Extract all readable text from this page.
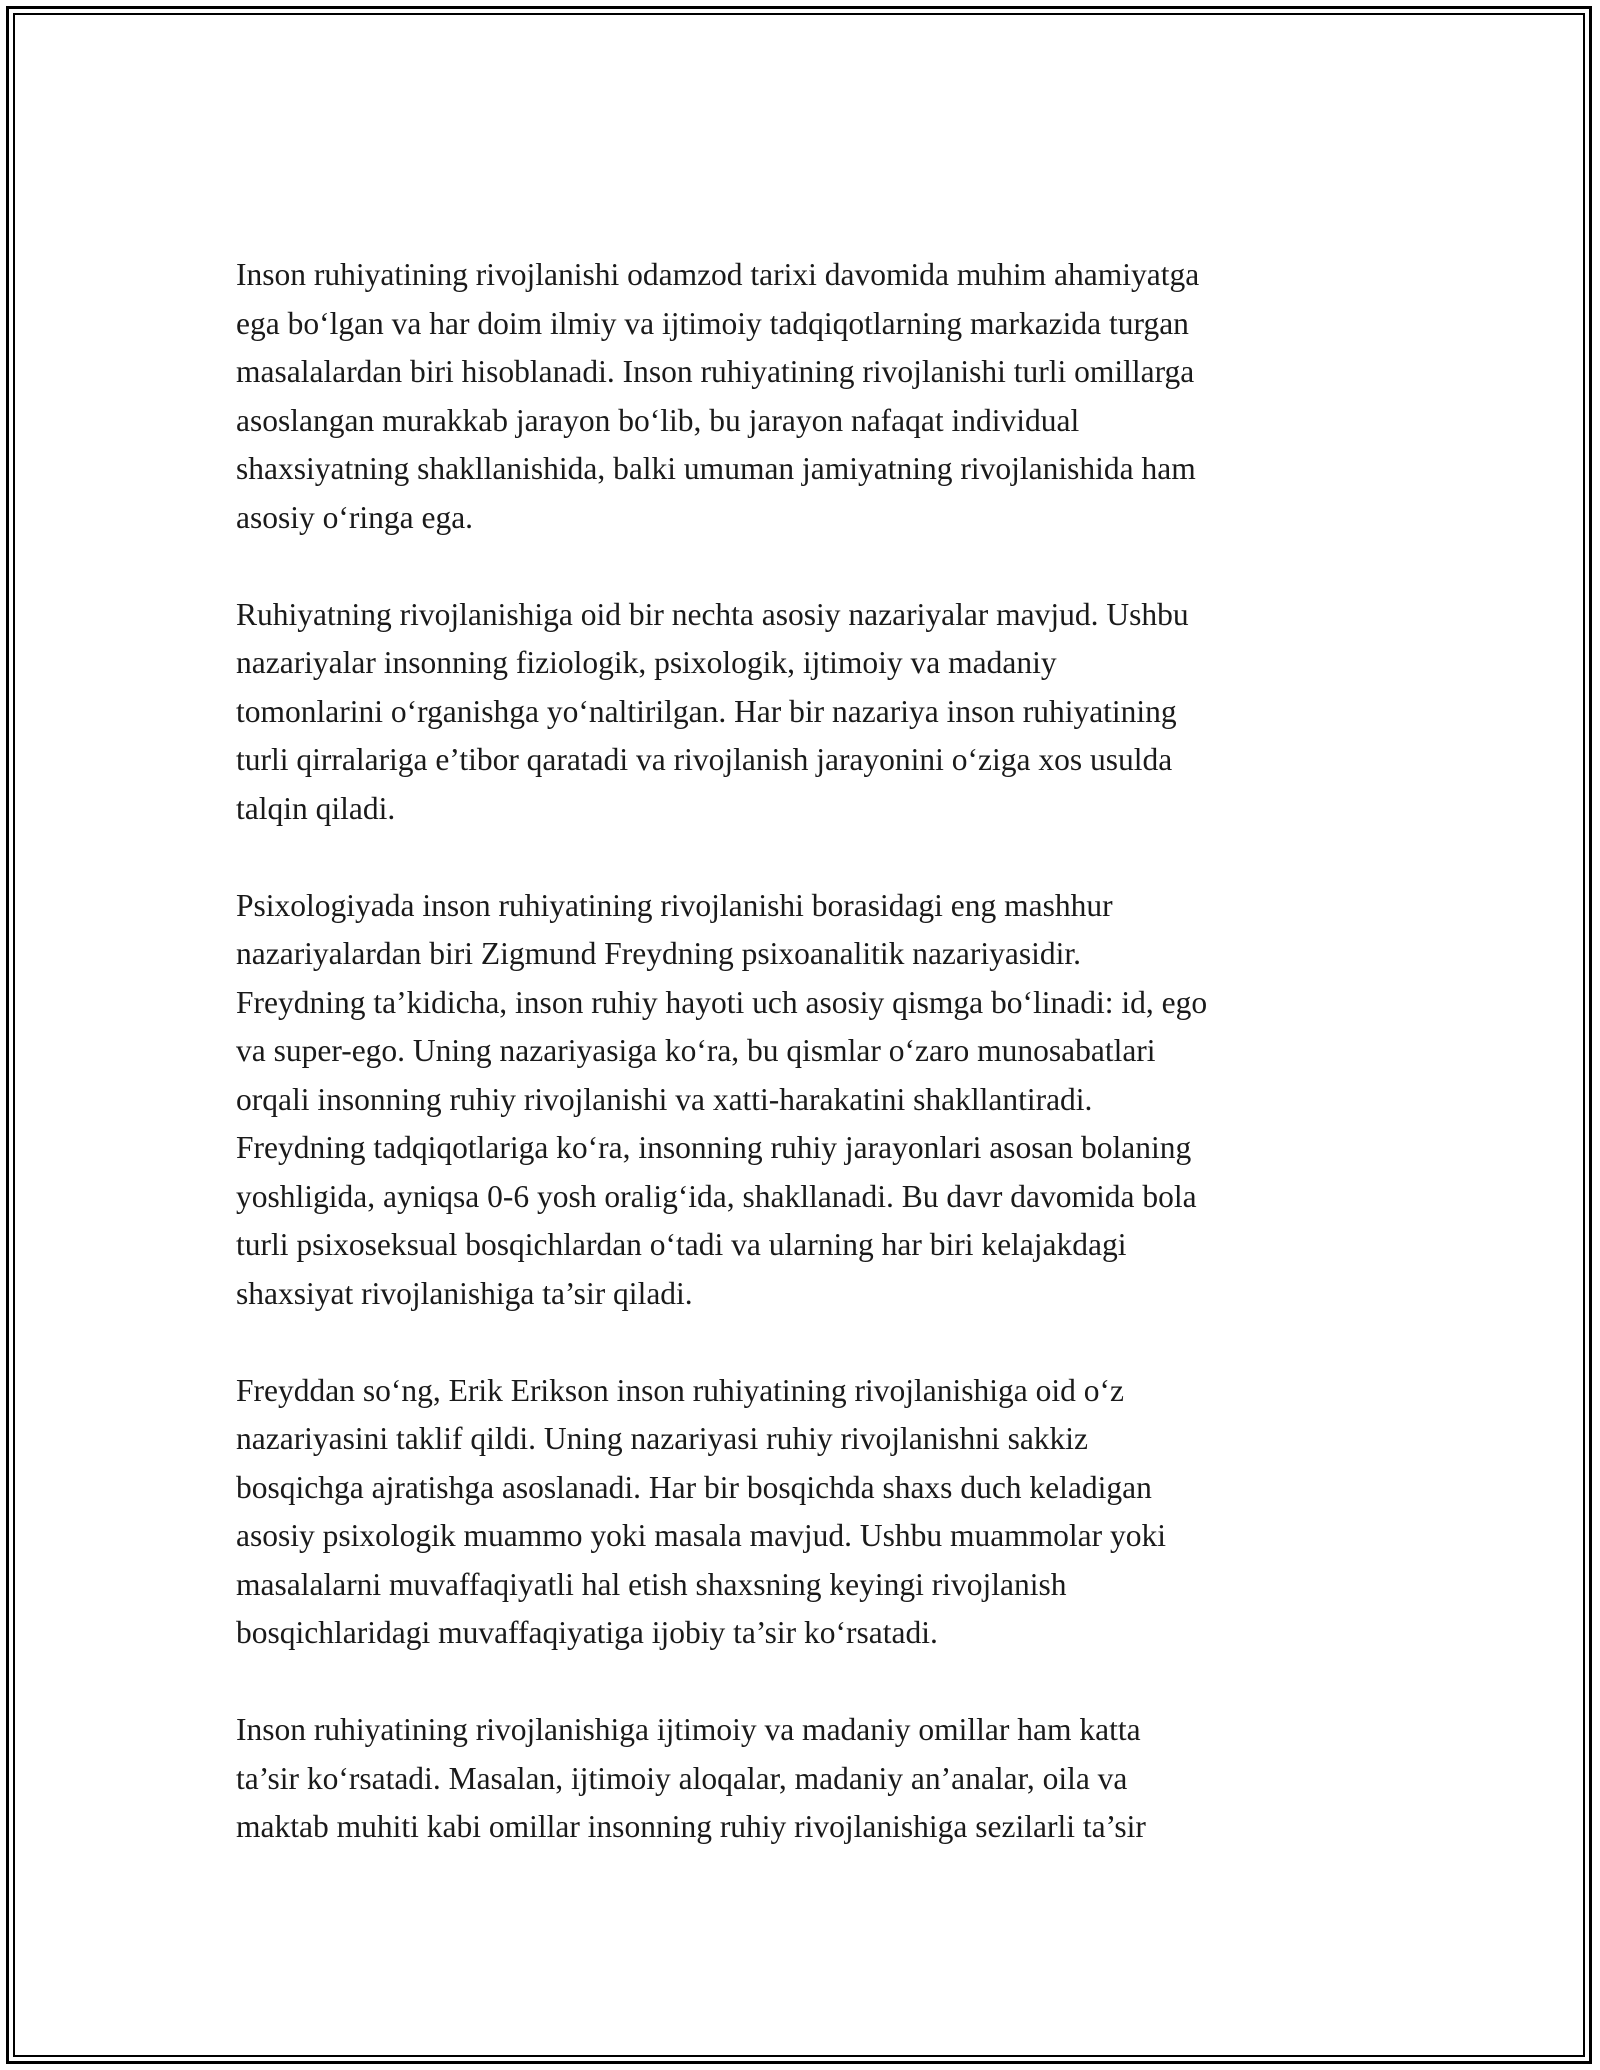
Inson ruhiyatining rivojlanishi odamzod tarixi davomida muhim ahamiyatga
ega bo‘lgan va har doim ilmiy va ijtimoiy tadqiqotlarning markazida turgan
masalalardan biri hisoblanadi. Inson ruhiyatining rivojlanishi turli omillarga
asoslangan murakkab jarayon bo‘lib, bu jarayon nafaqat individual
shaxsiyatning shakllanishida, balki umuman jamiyatning rivojlanishida ham
asosiy o‘ringa ega.

Ruhiyatning rivojlanishiga oid bir nechta asosiy nazariyalar mavjud. Ushbu
nazariyalar insonning fiziologik, psixologik, ijtimoiy va madaniy
tomonlarini o‘rganishga yo‘naltirilgan. Har bir nazariya inson ruhiyatining
turli qirralariga e’tibor qaratadi va rivojlanish jarayonini o‘ziga xos usulda
talqin qiladi.

Psixologiyada inson ruhiyatining rivojlanishi borasidagi eng mashhur
nazariyalardan biri Zigmund Freydning psixoanalitik nazariyasidir.
Freydning ta’kidicha, inson ruhiy hayoti uch asosiy qismga bo‘linadi: id, ego
va super-ego. Uning nazariyasiga ko‘ra, bu qismlar o‘zaro munosabatlari
orqali insonning ruhiy rivojlanishi va xatti-harakatini shakllantiradi.
Freydning tadqiqotlariga ko‘ra, insonning ruhiy jarayonlari asosan bolaning
yoshligida, ayniqsa 0-6 yosh oralig‘ida, shakllanadi. Bu davr davomida bola
turli psixoseksual bosqichlardan o‘tadi va ularning har biri kelajakdagi
shaxsiyat rivojlanishiga ta’sir qiladi.

Freyddan so‘ng, Erik Erikson inson ruhiyatining rivojlanishiga oid o‘z
nazariyasini taklif qildi. Uning nazariyasi ruhiy rivojlanishni sakkiz
bosqichga ajratishga asoslanadi. Har bir bosqichda shaxs duch keladigan
asosiy psixologik muammo yoki masala mavjud. Ushbu muammolar yoki
masalalarni muvaffaqiyatli hal etish shaxsning keyingi rivojlanish
bosqichlaridagi muvaffaqiyatiga ijobiy ta’sir ko‘rsatadi.

Inson ruhiyatining rivojlanishiga ijtimoiy va madaniy omillar ham katta
ta’sir ko‘rsatadi. Masalan, ijtimoiy aloqalar, madaniy an’analar, oila va
maktab muhiti kabi omillar insonning ruhiy rivojlanishiga sezilarli ta’sir
